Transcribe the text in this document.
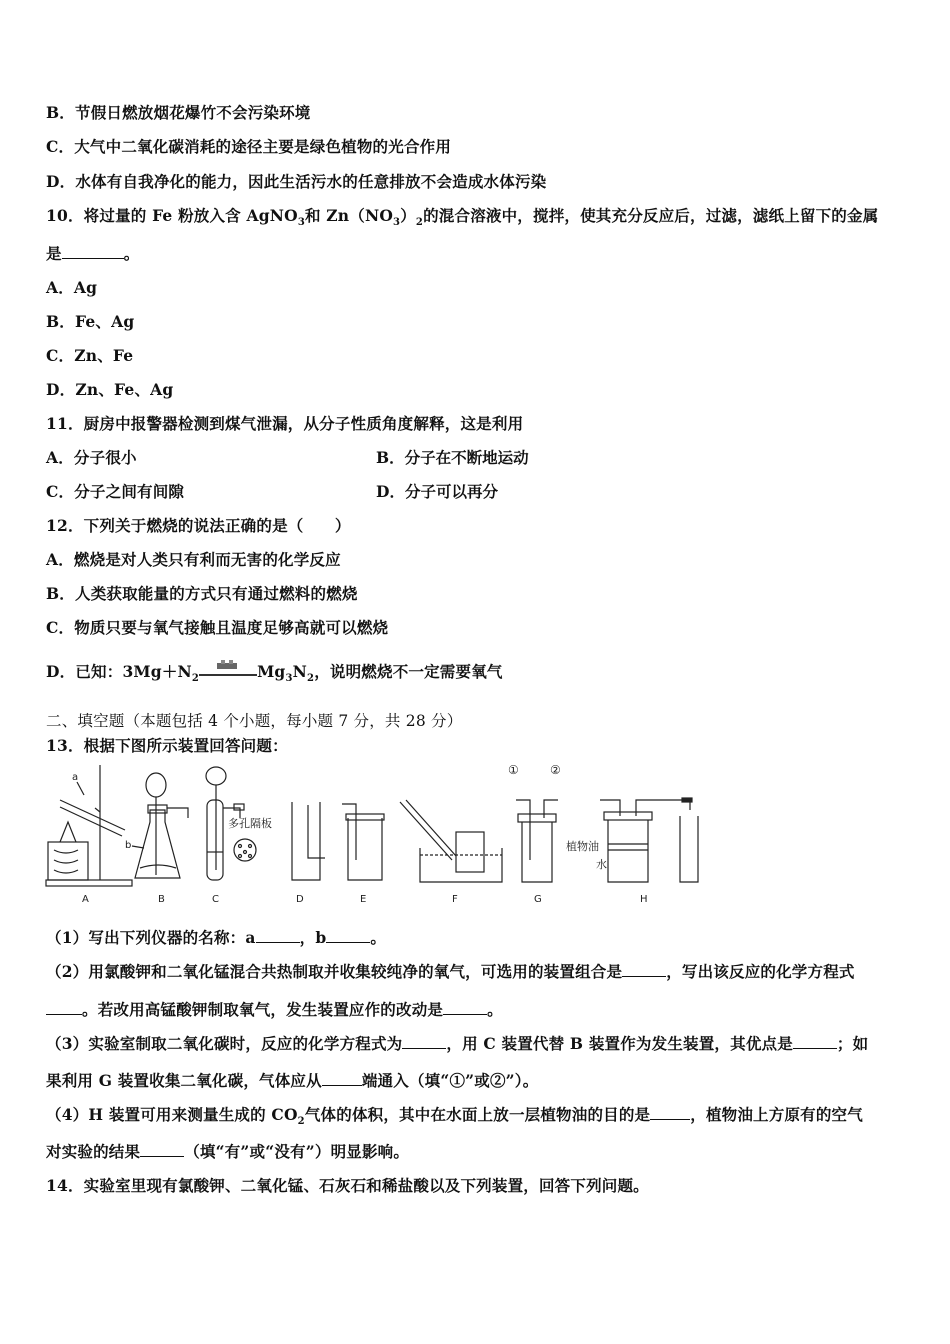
B．节假日燃放烟花爆竹不会污染环境
C．大气中二氧化碳消耗的途径主要是绿色植物的光合作用
D．水体有自我净化的能力，因此生活污水的任意排放不会造成水体污染
10．将过量的 Fe 粉放入含 AgNO$_3$和 $Zn(NO_3)_2$的混合溶液中，搅拌，使其充分反应后，过滤，滤纸上留下的金属
是	。
A．Ag
B．Fe、Ag
C．Zn、Fe
D．Zn、Fe、Ag
11．厨房中报警器检测到煤气泄漏，从分子性质角度解释，这是利用
A．分子很小	B．分子在不断地运动
C．分子之间有间隙	D．分子可以再分
12．下列关于燃烧的说法正确的是（　　）
A．燃烧是对人类只有利而无害的化学反应
B．人类获取能量的方式只有通过燃料的燃烧
C．物质只要与氧气接触且温度足够高就可以燃烧
D．已知：$3Mg+N_2$	$Mg_3N_2$，说明燃烧不一定需要氧气
二、填空题（本题包括 4 个小题，每小题 7 分，共 28 分）
13．根据下图所示装置回答问题：
a
A
b
B
多孔隔板
C	D	E	F
①	②
G
植物油
水
H
（1）写出下列仪器的名称：a	，b	。
（2）用氯酸钾和二氧化锰混合共热制取并收集较纯净的氧气，可选用的装置组合是	，写出该反应的化学方程式
。若改用高锰酸钾制取氧气，发生装置应作的改动是	。
（3）实验室制取二氧化碳时，反应的化学方程式为	，用 C 装置代替 B 装置作为发生装置，其优点是	；如
果利用 G 装置收集二氧化碳，气体应从	端通入（填“①”或②”）。
（4）H 装置可用来测量生成的 $CO_2$气体的体积，其中在水面上放一层植物油的目的是	，植物油上方原有的空气
对实验的结果	（填“有”或“没有”）明显影响。
14．实验室里现有氯酸钾、二氧化锰、石灰石和稀盐酸以及下列装置，回答下列问题。
